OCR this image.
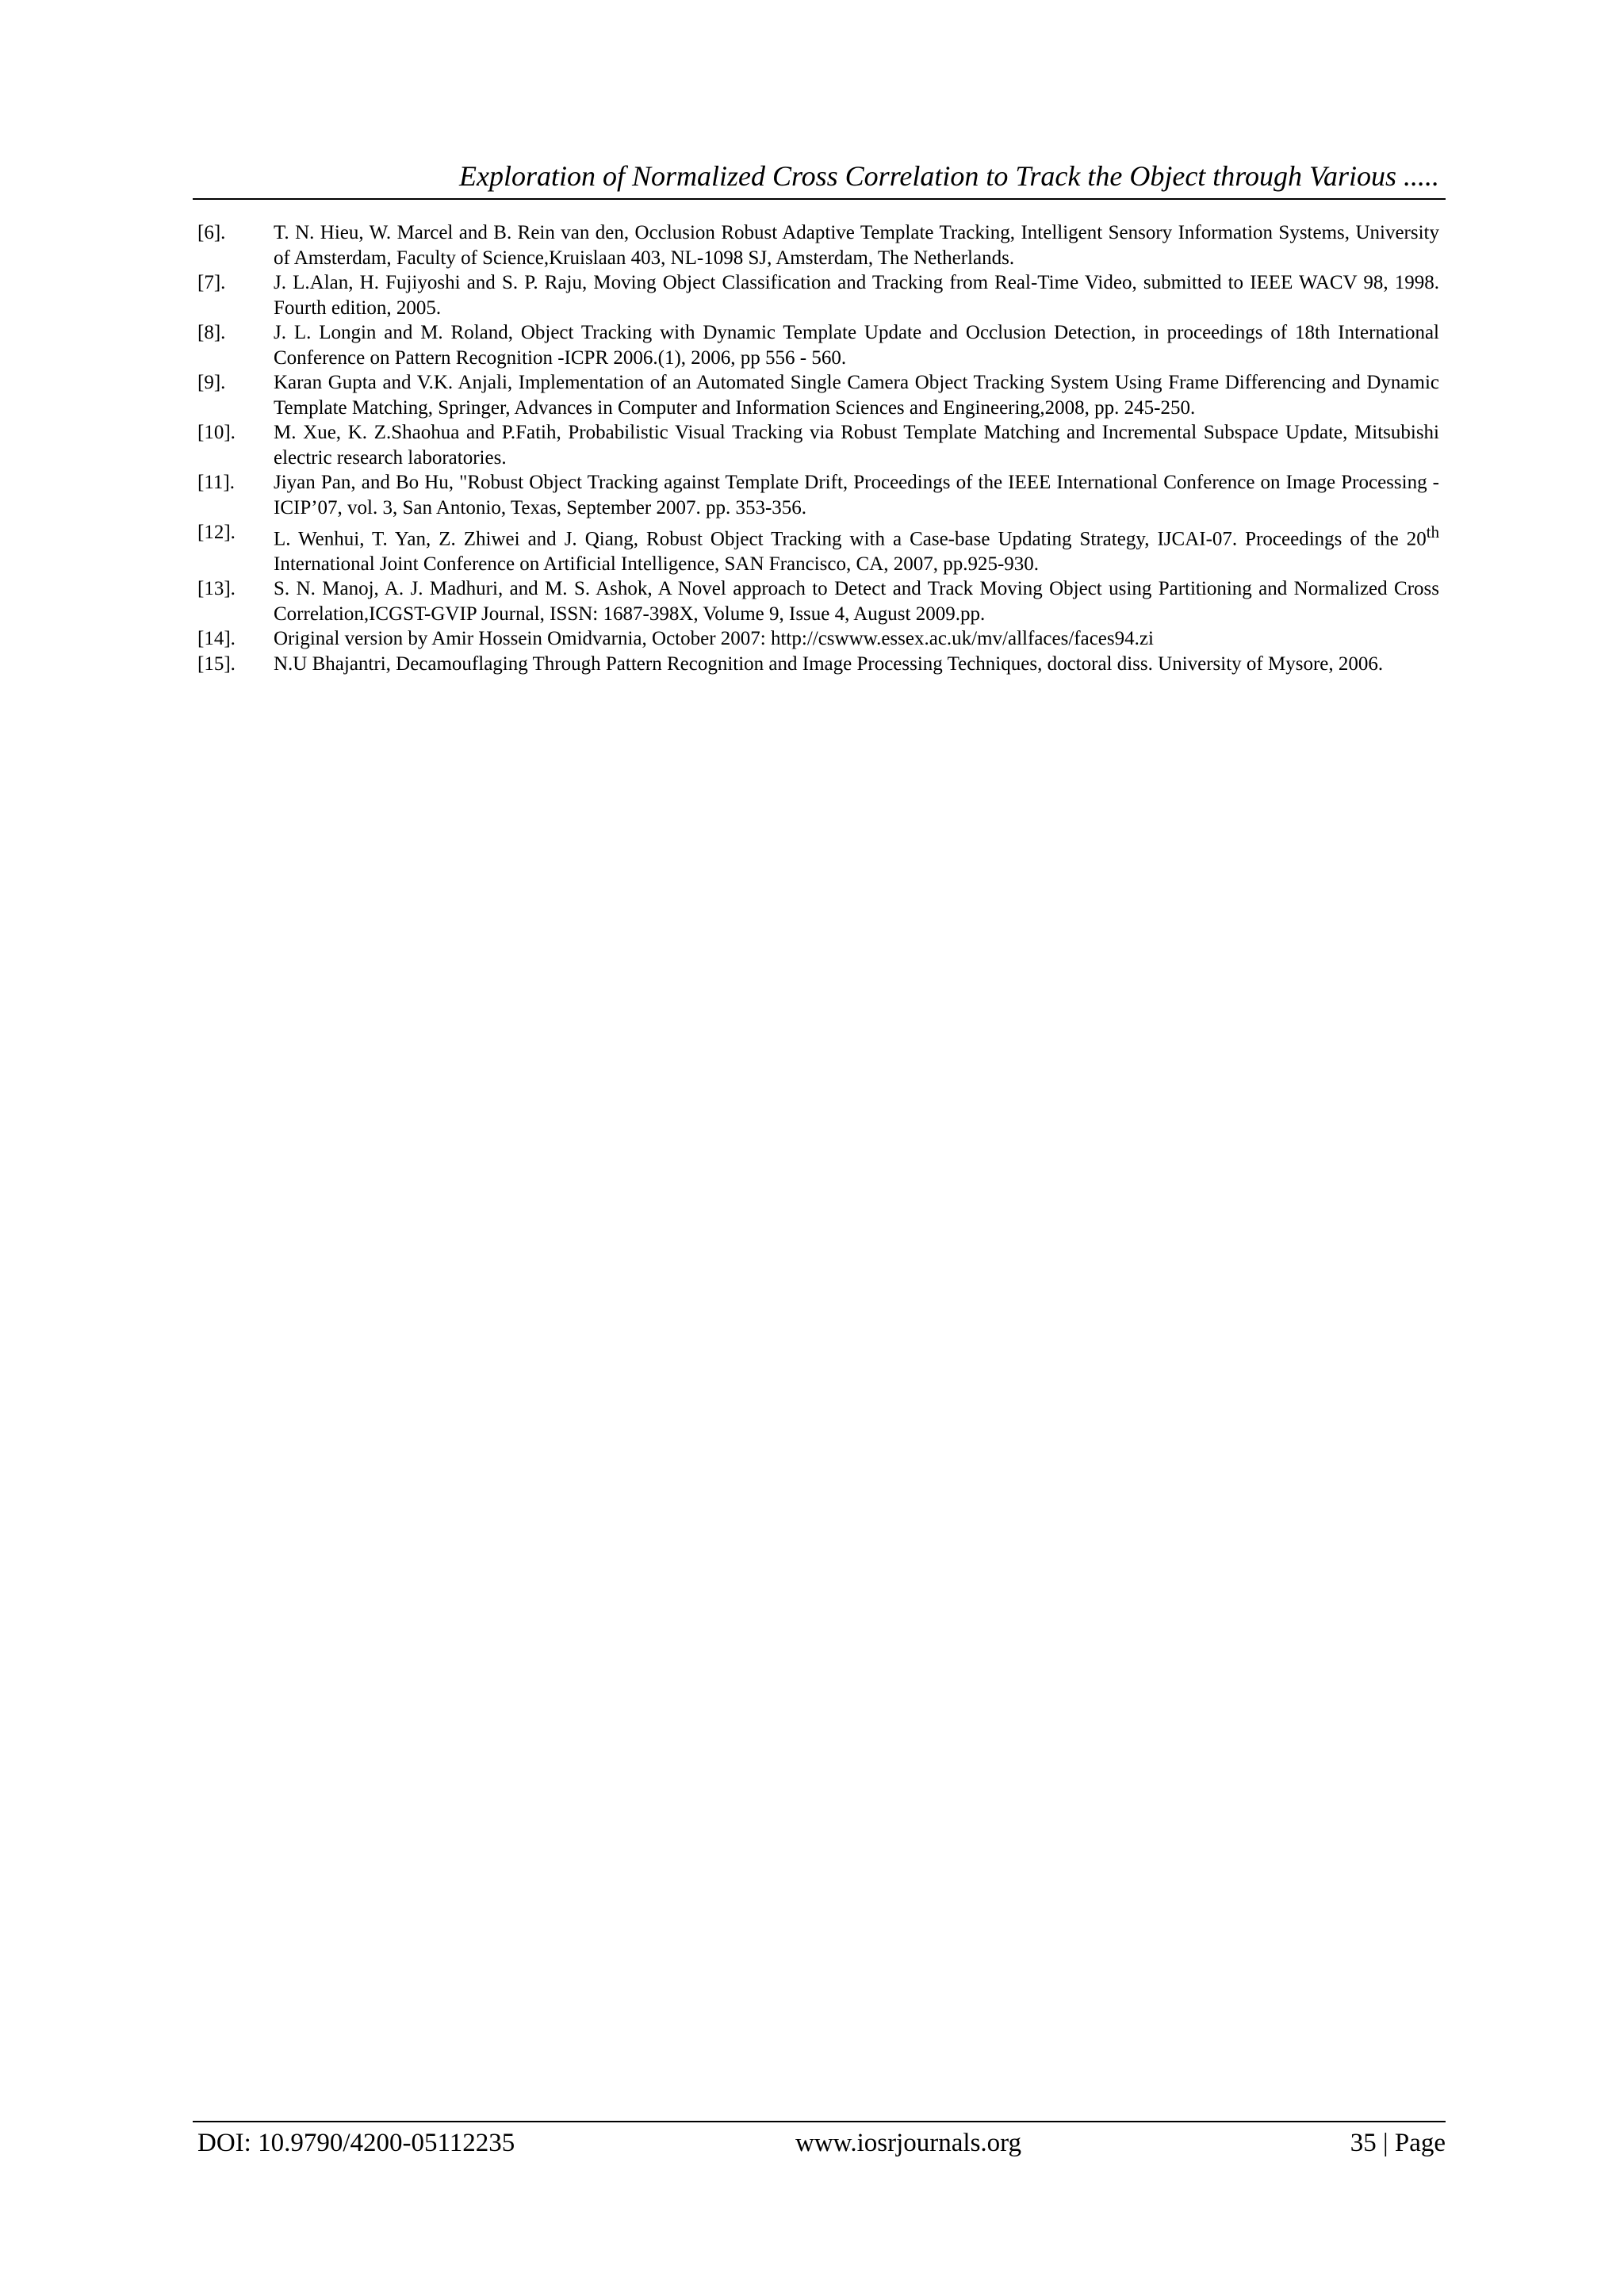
Exploration of Normalized Cross Correlation to Track the Object through Various .....
[6]. T. N. Hieu, W. Marcel and B. Rein van den, Occlusion Robust Adaptive Template Tracking, Intelligent Sensory Information Systems, University of Amsterdam, Faculty of Science,Kruislaan 403, NL-1098 SJ, Amsterdam, The Netherlands.
[7]. J. L.Alan, H. Fujiyoshi and S. P. Raju, Moving Object Classification and Tracking from Real-Time Video, submitted to IEEE WACV 98, 1998. Fourth edition, 2005.
[8]. J. L. Longin and M. Roland, Object Tracking with Dynamic Template Update and Occlusion Detection, in proceedings of 18th International Conference on Pattern Recognition -ICPR 2006.(1), 2006, pp 556 - 560.
[9]. Karan Gupta and V.K. Anjali, Implementation of an Automated Single Camera Object Tracking System Using Frame Differencing and Dynamic Template Matching, Springer, Advances in Computer and Information Sciences and Engineering,2008, pp. 245-250.
[10]. M. Xue, K. Z.Shaohua and P.Fatih, Probabilistic Visual Tracking via Robust Template Matching and Incremental Subspace Update, Mitsubishi electric research laboratories.
[11]. Jiyan Pan, and Bo Hu, "Robust Object Tracking against Template Drift, Proceedings of the IEEE International Conference on Image Processing -ICIP’07, vol. 3, San Antonio, Texas, September 2007. pp. 353-356.
[12]. L. Wenhui, T. Yan, Z. Zhiwei and J. Qiang, Robust Object Tracking with a Case-base Updating Strategy, IJCAI-07. Proceedings of the 20th International Joint Conference on Artificial Intelligence, SAN Francisco, CA, 2007, pp.925-930.
[13]. S. N. Manoj, A. J. Madhuri, and M. S. Ashok, A Novel approach to Detect and Track Moving Object using Partitioning and Normalized Cross Correlation,ICGST-GVIP Journal, ISSN: 1687-398X, Volume 9, Issue 4, August 2009.pp.
[14]. Original version by Amir Hossein Omidvarnia, October 2007: http://cswww.essex.ac.uk/mv/allfaces/faces94.zi
[15]. N.U Bhajantri, Decamouflaging Through Pattern Recognition and Image Processing Techniques, doctoral diss. University of Mysore, 2006.
DOI: 10.9790/4200-05112235	www.iosrjournals.org	35 | Page
